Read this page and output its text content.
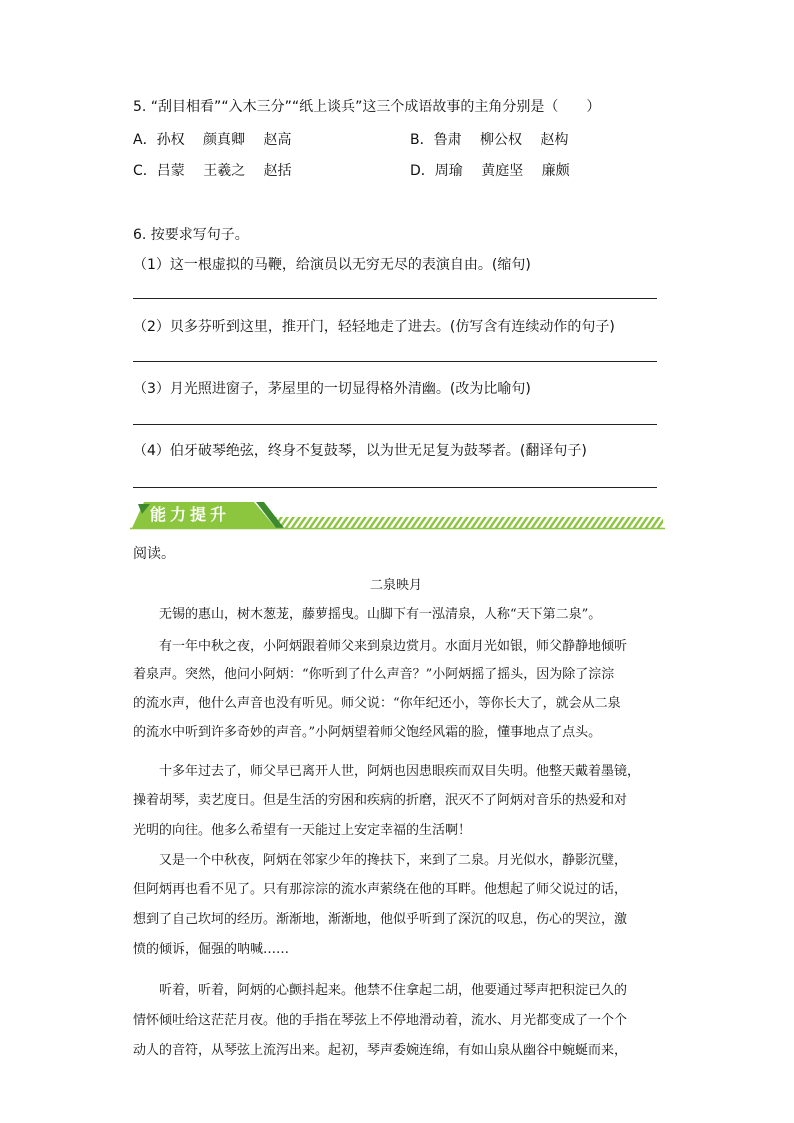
5. “刮目相看”“入木三分”“纸上谈兵”这三个成语故事的主角分别是（　　）
A．孙权　 颜真卿　 赵高	B．鲁肃　 柳公权　 赵构
C．吕蒙　 王羲之　 赵括	D．周瑜　 黄庭坚　 廉颇
6. 按要求写句子。
（1）这一根虚拟的马鞭，给演员以无穷无尽的表演自由。(缩句)
（2）贝多芬听到这里，推开门，轻轻地走了进去。(仿写含有连续动作的句子)
（3）月光照进窗子，茅屋里的一切显得格外清幽。(改为比喻句)
（4）伯牙破琴绝弦，终身不复鼓琴，以为世无足复为鼓琴者。(翻译句子)
能力提升
阅读。
二泉映月
　　无锡的惠山，树木葱茏，藤萝摇曳。山脚下有一泓清泉，人称“天下第二泉”。
　　有一年中秋之夜，小阿炳跟着师父来到泉边赏月。水面月光如银，师父静静地倾听
着泉声。突然，他问小阿炳：“你听到了什么声音？”小阿炳摇了摇头，因为除了淙淙
的流水声，他什么声音也没有听见。师父说：“你年纪还小，等你长大了，就会从二泉
的流水中听到许多奇妙的声音。”小阿炳望着师父饱经风霜的脸，懂事地点了点头。
　　十多年过去了，师父早已离开人世，阿炳也因患眼疾而双目失明。他整天戴着墨镜，
操着胡琴，卖艺度日。但是生活的穷困和疾病的折磨，泯灭不了阿炳对音乐的热爱和对
光明的向往。他多么希望有一天能过上安定幸福的生活啊！
　　又是一个中秋夜，阿炳在邻家少年的搀扶下，来到了二泉。月光似水，静影沉璧，
但阿炳再也看不见了。只有那淙淙的流水声萦绕在他的耳畔。他想起了师父说过的话，
想到了自己坎坷的经历。渐渐地，渐渐地，他似乎听到了深沉的叹息，伤心的哭泣，激
愤的倾诉，倔强的呐喊……
　　听着，听着，阿炳的心颤抖起来。他禁不住拿起二胡，他要通过琴声把积淀已久的
情怀倾吐给这茫茫月夜。他的手指在琴弦上不停地滑动着，流水、月光都变成了一个个
动人的音符，从琴弦上流泻出来。起初，琴声委婉连绵，有如山泉从幽谷中蜿蜒而来，
